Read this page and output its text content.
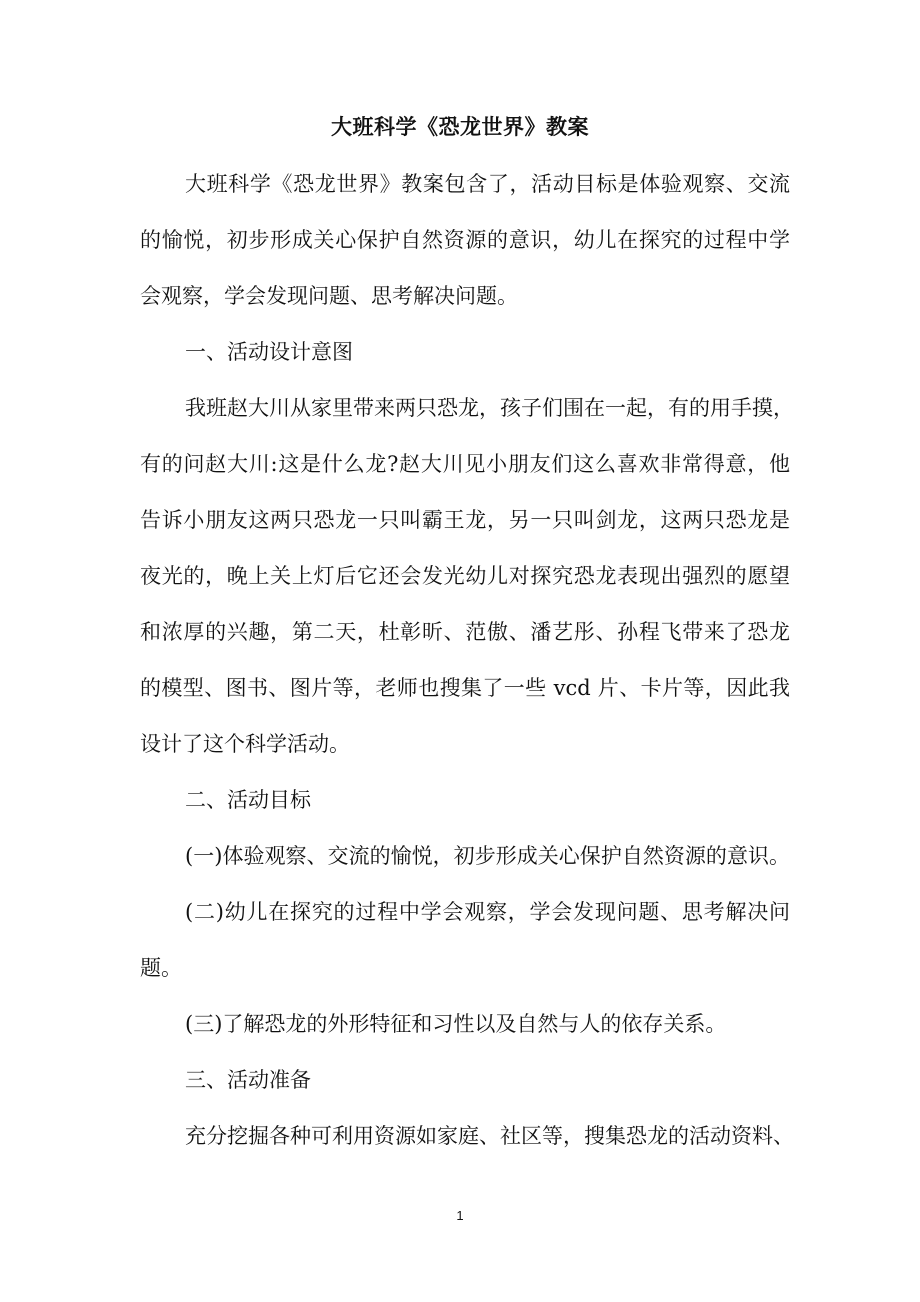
大班科学《恐龙世界》教案
大班科学《恐龙世界》教案包含了，活动目标是体验观察、交流
的愉悦，初步形成关心保护自然资源的意识，幼儿在探究的过程中学
会观察，学会发现问题、思考解决问题。
一、活动设计意图
我班赵大川从家里带来两只恐龙，孩子们围在一起，有的用手摸，
有的问赵大川:这是什么龙?赵大川见小朋友们这么喜欢非常得意，他
告诉小朋友这两只恐龙一只叫霸王龙，另一只叫剑龙，这两只恐龙是
夜光的，晚上关上灯后它还会发光幼儿对探究恐龙表现出强烈的愿望
和浓厚的兴趣，第二天，杜彰昕、范傲、潘艺彤、孙程飞带来了恐龙
的模型、图书、图片等，老师也搜集了一些 vcd 片、卡片等，因此我
设计了这个科学活动。
二、活动目标
(一)体验观察、交流的愉悦，初步形成关心保护自然资源的意识。
(二)幼儿在探究的过程中学会观察，学会发现问题、思考解决问
题。
(三)了解恐龙的外形特征和习性以及自然与人的依存关系。
三、活动准备
充分挖掘各种可利用资源如家庭、社区等，搜集恐龙的活动资料、
1
